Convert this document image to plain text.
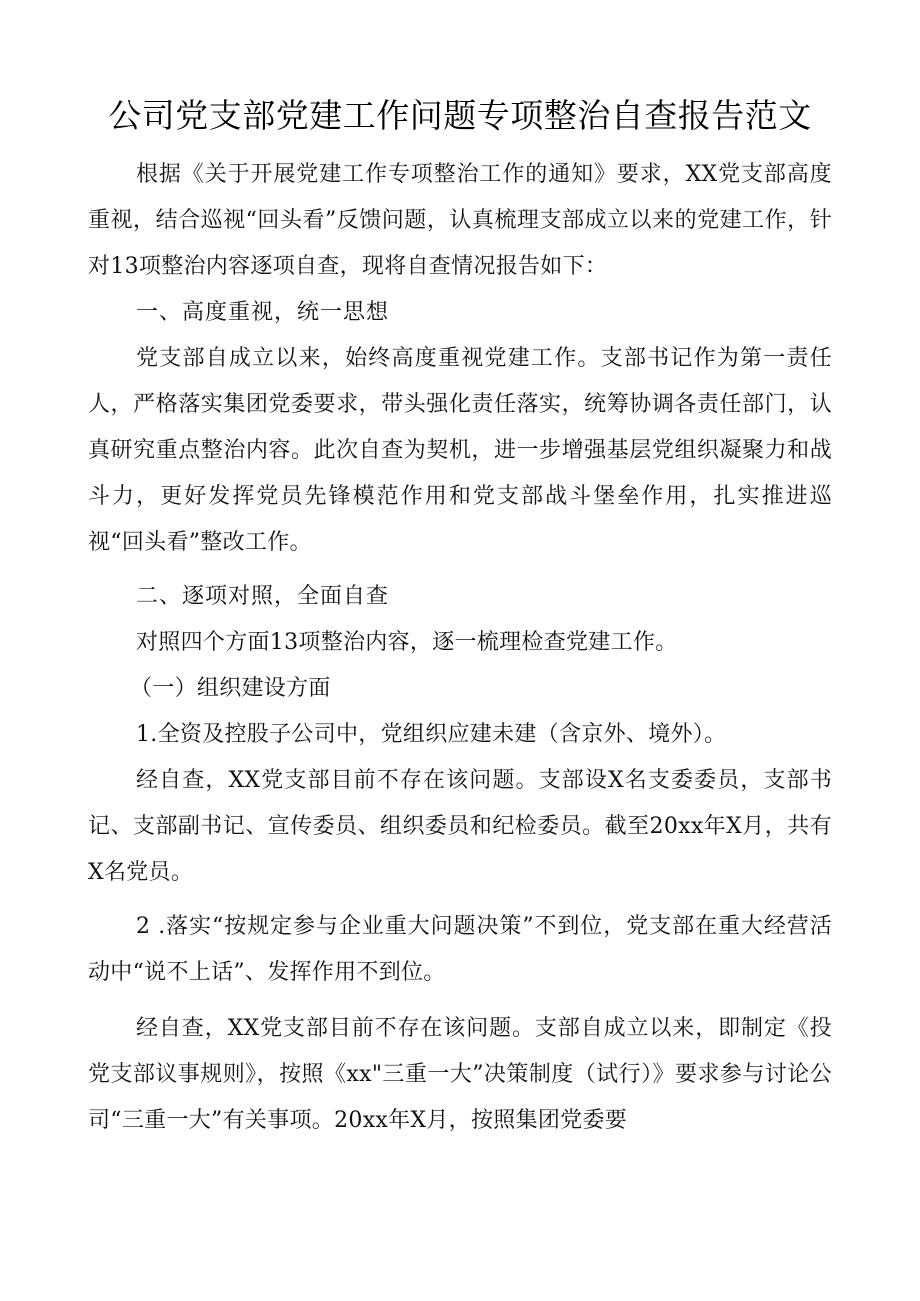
公司党支部党建工作问题专项整治自查报告范文

根据《关于开展党建工作专项整治工作的通知》要求，XX党支部高度重视，结合巡视“回头看”反馈问题，认真梳理支部成立以来的党建工作，针对13项整治内容逐项自查，现将自查情况报告如下：

一、高度重视，统一思想

党支部自成立以来，始终高度重视党建工作。支部书记作为第一责任人，严格落实集团党委要求，带头强化责任落实，统筹协调各责任部门，认真研究重点整治内容。此次自查为契机，进一步增强基层党组织凝聚力和战斗力，更好发挥党员先锋模范作用和党支部战斗堡垒作用，扎实推进巡视“回头看”整改工作。

二、逐项对照，全面自查

对照四个方面13项整治内容，逐一梳理检查党建工作。

（一）组织建设方面

1.全资及控股子公司中，党组织应建未建（含京外、境外）。

经自查，XX党支部目前不存在该问题。支部设X名支委委员，支部书记、支部副书记、宣传委员、组织委员和纪检委员。截至20xx年X月，共有X名党员。

2 .落实“按规定参与企业重大问题决策”不到位，党支部在重大经营活动中“说不上话”、发挥作用不到位。

经自查，XX党支部目前不存在该问题。支部自成立以来，即制定《投党支部议事规则》，按照《xx"三重一大”决策制度（试行）》要求参与讨论公司“三重一大”有关事项。20xx年X月，按照集团党委要
